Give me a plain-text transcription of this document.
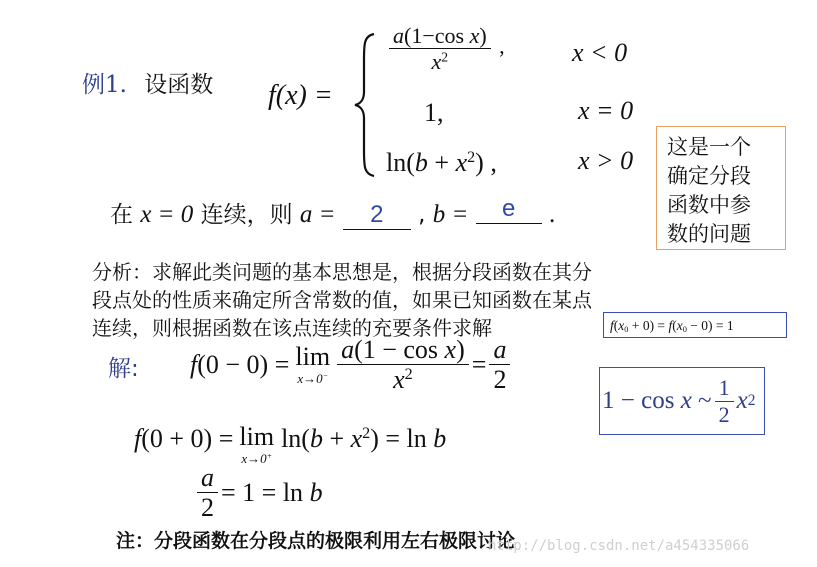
例1. 设函数 f(x) =
$\frac{\text{a(1−cos x)}}{x^2}$ ,	x < 0
1,	x = 0
$\ln(b + x^2)$ ,	x > 0 这是一个
确定分段
函数中参
数的问题
在 x = 0 连续，则 a = 2 , b = e .
分析：求解此类问题的基本思想是，根据分段函数在其分
段点处的性质来确定所含常数的值，如果已知函数在某点
连续，则根据函数在该点连续的充要条件求解	$f(x_0 + 0) = f(x_0 - 0) = 1$
解: f(0 − 0) = lim
$x\to 0^- \frac{\text{a(1 − cos x)}}{x^2} = \frac{a}{2}$
1 − cos x ~ $\frac{1}{2}$ x 2
f(0 + 0) = lim
x→0+
$\ln(b + x^2) = \ln b$
$\frac{a}{2} = 1 = \ln b$
注：分段函数在分段点的极限利用左右极限讨论
http://blog.csdn.net/a454335066
